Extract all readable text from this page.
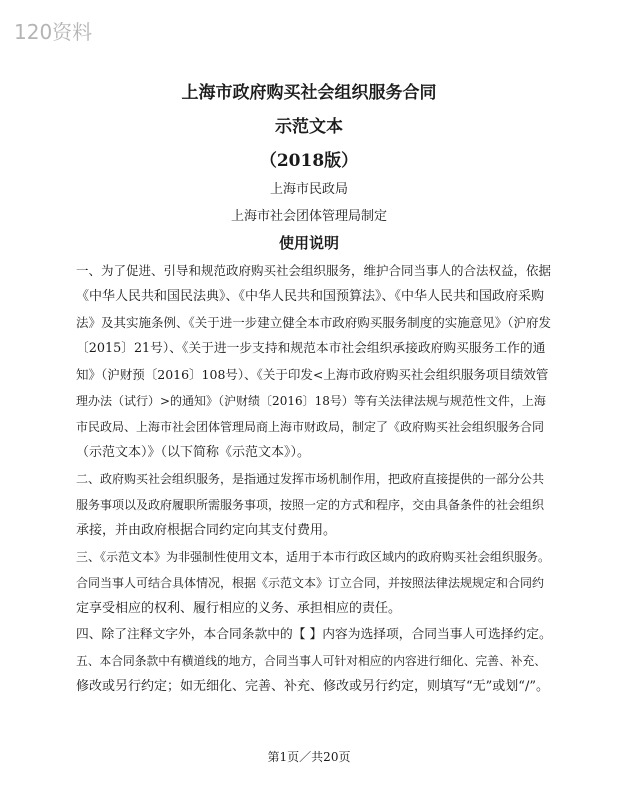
120资料
上海市政府购买社会组织服务合同
示范文本
（2018版）
上海市民政局
上海市社会团体管理局制定
使用说明
一、为了促进、引导和规范政府购买社会组织服务，维护合同当事人的合法权益，依据
《中华人民共和国民法典》、《中华人民共和国预算法》、《中华人民共和国政府采购
法》及其实施条例、《关于进一步建立健全本市政府购买服务制度的实施意见》（沪府发
〔2015〕21号）、《关于进一步支持和规范本市社会组织承接政府购买服务工作的通
知》（沪财预〔2016〕108号）、《关于印发<上海市政府购买社会组织服务项目绩效管
理办法（试行）>的通知》（沪财绩〔2016〕18号）等有关法律法规与规范性文件，上海
市民政局、上海市社会团体管理局商上海市财政局，制定了《政府购买社会组织服务合同
（示范文本）》（以下简称《示范文本》）。
二、政府购买社会组织服务，是指通过发挥市场机制作用，把政府直接提供的一部分公共
服务事项以及政府履职所需服务事项，按照一定的方式和程序，交由具备条件的社会组织
承接，并由政府根据合同约定向其支付费用。
三、《示范文本》为非强制性使用文本，适用于本市行政区域内的政府购买社会组织服务。
合同当事人可结合具体情况，根据《示范文本》订立合同，并按照法律法规规定和合同约
定享受相应的权利、履行相应的义务、承担相应的责任。
四、除了注释文字外，本合同条款中的【 】内容为选择项，合同当事人可选择约定。
五、本合同条款中有横道线的地方，合同当事人可针对相应的内容进行细化、完善、补充、
修改或另行约定；如无细化、完善、补充、修改或另行约定，则填写“无”或划“/”。
第1页／共20页
